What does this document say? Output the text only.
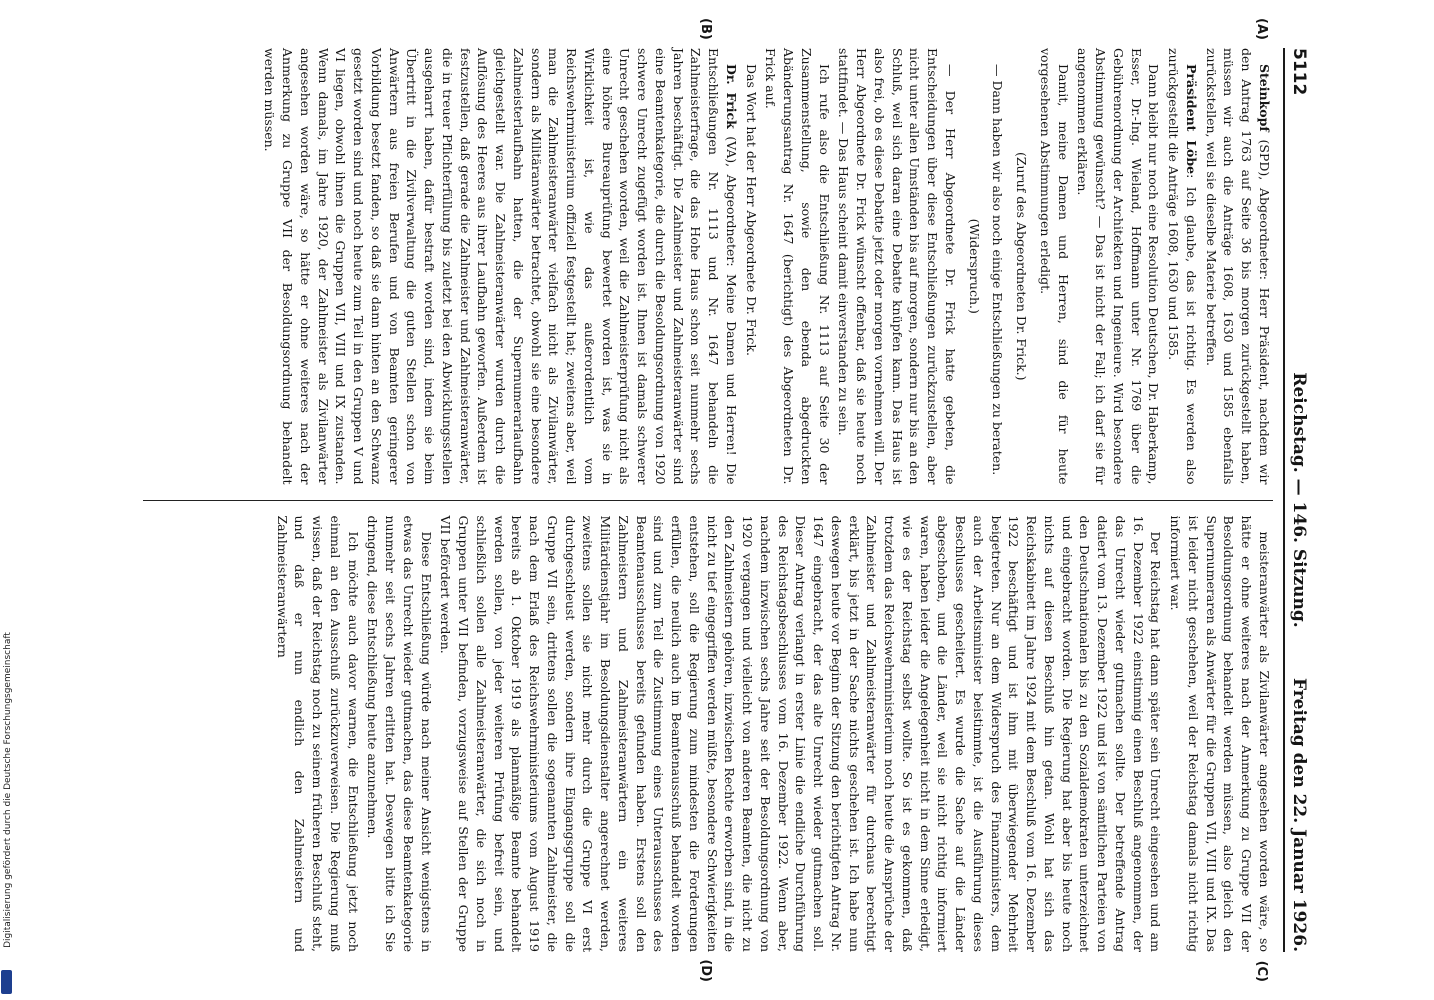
5112
Reichstag. — 146. Sitzung.
Freitag den 22. Januar 1926.
(A)
(B)

Steinkopf (SPD), Abgeordneter: Herr Präsident, nachdem wir den Antrag 1763 auf Seite 36 bis morgen zurückgestellt haben, müssen wir auch die Anträge 1608, 1630 und 1585 ebenfalls zurückstellen, weil sie dieselbe Materie betreffen.

Präsident Löbe: Ich glaube, das ist richtig. Es werden also zurückgestellt die Anträge 1608, 1630 und 1585.

Dann bleibt nur noch eine Resolution Deutschen, Dr. Haberkamp, Esser, Dr.-Ing. Wieland, Hoffmann unter Nr. 1769 über die Gebührenordnung der Architekten und Ingenieure. Wird besondere Abstimmung gewünscht? — Das ist nicht der Fall; ich darf sie für angenommen erklären.

Damit, meine Damen und Herren, sind die für heute vorgesehenen Abstimmungen erledigt.

(Zuruf des Abgeordneten Dr. Frick.)

— Dann haben wir also noch einige Entschließungen zu beraten.

(Widerspruch.)

— Der Herr Abgeordnete Dr. Frick hatte gebeten, die Entscheidungen über diese Entschließungen zurückzustellen, aber nicht unter allen Umständen bis auf morgen, sondern nur bis an den Schluß, weil sich daran eine Debatte knüpfen kann. Das Haus ist also frei, ob es diese Debatte jetzt oder morgen vornehmen will. Der Herr Abgeordnete Dr. Frick wünscht offenbar, daß sie heute noch stattfindet. — Das Haus scheint damit einverstanden zu sein.

Ich rufe also die Entschließung Nr. 1113 auf Seite 30 der Zusammenstellung, sowie den ebenda abgedruckten Abänderungsantrag Nr. 1647 (berichtigt) des Abgeordneten Dr. Frick auf.

Das Wort hat der Herr Abgeordnete Dr. Frick.

Dr. Frick (VA), Abgeordneter: Meine Damen und Herren! Die Entschließungen Nr. 1113 und Nr. 1647 behandeln die Zahlmeisterfrage, die das Hohe Haus schon seit nunmehr sechs Jahren beschäftigt. Die Zahlmeister und Zahlmeisteranwärter sind eine Beamtenkategorie, die durch die Besoldungsordnung von 1920 schwere Unrecht zugefügt worden ist. Ihnen ist damals schwerer Unrecht geschehen worden, weil die Zahlmeisterprüfung nicht als eine höhere Bureauprüfung bewertet worden ist, was sie in Wirklichkeit ist, wie das außerordentlich vom Reichswehrministerium offiziell festgestellt hat; zweitens aber, weil man die Zahlmeisteranwärter vielfach nicht als Zivilanwärter, sondern als Militäranwärter betrachtet, obwohl sie eine besondere Zahlmeisterlaufbahn hatten, die der Supernumerarlaufbahn gleichgestellt war. Die Zahlmeisteranwärter wurden durch die Auflösung des Heeres aus ihrer Laufbahn geworfen. Außerdem ist festzustellen, daß gerade die Zahlmeister und Zahlmeisteranwärter, die in treuer Pflichterfüllung bis zuletzt bei den Abwicklungsstellen ausgeharrt haben, dafür bestraft worden sind, indem sie beim Übertritt in die Zivilverwaltung die guten Stellen schon von Anwärtern aus freien Berufen und von Beamten geringerer Vorbildung besetzt fanden, so daß sie dann hinten an den Schwanz gesetzt worden sind und noch heute zum Teil in den Gruppen V und VI liegen, obwohl ihnen die Gruppen VII, VIII und IX zustanden. Wenn damals, im Jahre 1920, der Zahlmeister als Zivilanwärter angesehen worden wäre, so hätte er ohne weiteres nach der Anmerkung zu Gruppe VII der Besoldungsordnung behandelt werden müssen.

(C)
(D)

meisteranwärter als Zivilanwärter angesehen worden wäre, so hätte er ohne weiteres nach der Anmerkung zu Gruppe VII der Besoldungsordnung behandelt werden müssen, also gleich den Supernumeraren als Anwärter für die Gruppen VII, VIII und IX. Das ist leider nicht geschehen, weil der Reichstag damals nicht richtig informiert war.

Der Reichstag hat dann später sein Unrecht eingesehen und am 16. Dezember 1922 einstimmig einen Beschluß angenommen, der das Unrecht wieder gutmachen sollte. Der betreffende Antrag datiert vom 13. Dezember 1922 und ist von sämtlichen Parteien von den Deutschnationalen bis zu den Sozialdemokraten unterzeichnet und eingebracht worden. Die Regierung hat aber bis heute noch nichts auf diesen Beschluß hin getan. Wohl hat sich das Reichskabinett im Jahre 1924 mit dem Beschluß vom 16. Dezember 1922 beschäftigt und ist ihm mit überwiegender Mehrheit beigetreten. Nur an dem Widerspruch des Finanzministers, dem auch der Arbeitsminister beistimmte, ist die Ausführung dieses Beschlusses gescheitert. Es wurde die Sache auf die Länder abgeschoben, und die Länder, weil sie nicht richtig informiert waren, haben leider die Angelegenheit nicht in dem Sinne erledigt, wie es der Reichstag selbst wollte. So ist es gekommen, daß trotzdem das Reichswehrministerium noch heute die Ansprüche der Zahlmeister und Zahlmeisteranwärter für durchaus berechtigt erklärt, bis jetzt in der Sache nichts geschehen ist. Ich habe nun deswegen heute vor Beginn der Sitzung den berichtigten Antrag Nr. 1647 eingebracht, der das alte Unrecht wieder gutmachen soll. Dieser Antrag verlangt in erster Linie die endliche Durchführung des Reichstagsbeschlusses vom 16. Dezember 1922. Wenn aber, nachdem inzwischen sechs Jahre seit der Besoldungsordnung von 1920 vergangen und vielleicht von anderen Beamten, die nicht zu den Zahlmeistern gehören, inzwischen Rechte erworben sind, in die nicht zu tief eingegriffen werden müßte, besondere Schwierigkeiten entstehen, soll die Regierung zum mindesten die Forderungen erfüllen, die neulich auch im Beamtenausschuß behandelt worden sind und zum Teil die Zustimmung eines Unterausschusses des Beamtenausschusses bereits gefunden haben. Erstens soll den Zahlmeistern und Zahlmeisteranwärtern ein weiteres Militärdienstjahr im Besoldungsdienstalter angerechnet werden, zweitens sollen sie nicht mehr durch die Gruppe VI erst durchgeschleust werden, sondern ihre Eingangsgruppe soll die Gruppe VII sein, drittens sollen die sogenannten Zahlmeister, die nach dem Erlaß des Reichswehrministeriums vom August 1919 bereits ab 1. Oktober 1919 als planmäßige Beamte behandelt werden sollen, von jeder weiteren Prüfung befreit sein, und schließlich sollen alle Zahlmeisteranwärter, die sich noch in Gruppen unter VII befinden, vorzugsweise auf Stellen der Gruppe VII befördert werden.

Diese Entschließung würde nach meiner Ansicht wenigstens in etwas das Unrecht wieder gutmachen, das diese Beamtenkategorie nunmehr seit sechs Jahren erlitten hat. Deswegen bitte ich Sie dringend, diese Entschließung heute anzunehmen.

Ich möchte auch davor warnen, die Entschließung jetzt noch einmal an den Ausschuß zurückzuverweisen. Die Regierung muß wissen, daß der Reichstag noch zu seinem früheren Beschluß steht, und daß er nun endlich den Zahlmeistern und Zahlmeisteranwärtern

Digitalisierung gefördert durch die Deutsche Forschungsgemeinschaft
